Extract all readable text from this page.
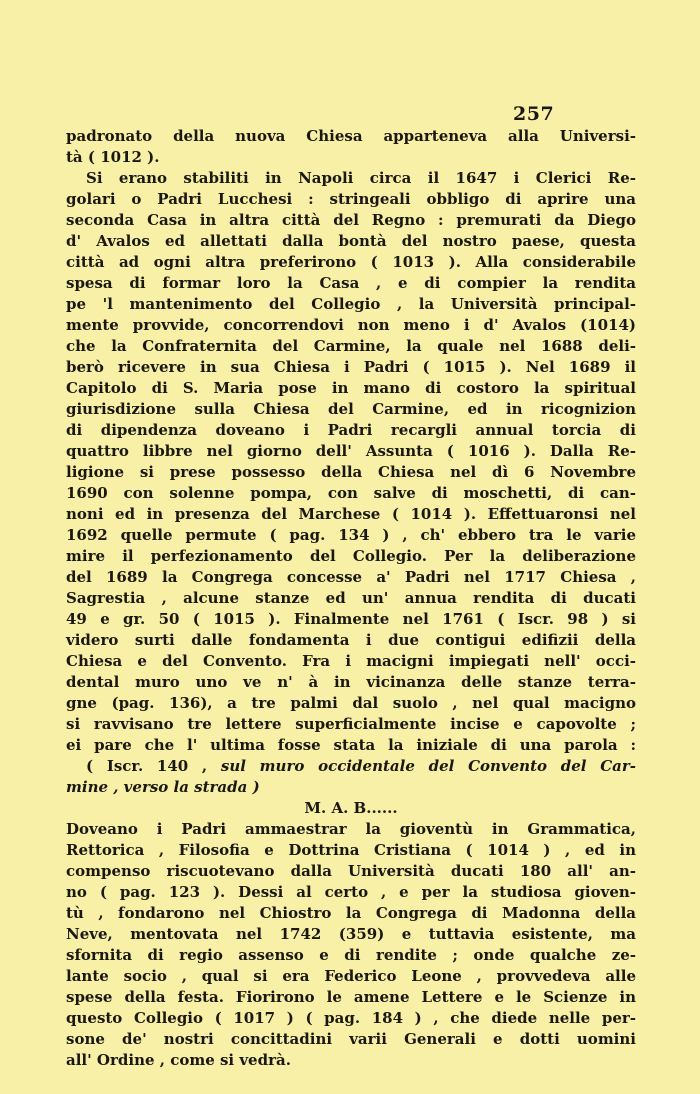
257
padronato della nuova Chiesa apparteneva alla Universi-
tà ( 1012 ).
Si erano stabiliti in Napoli circa il 1647 i Clerici Re-
golari o Padri Lucchesi : stringeali obbligo di aprire una
seconda Casa in altra città del Regno : premurati da Diego
d' Avalos ed allettati dalla bontà del nostro paese, questa
città ad ogni altra preferirono ( 1013 ). Alla considerabile
spesa di formar loro la Casa , e di compier la rendita
pe 'l mantenimento del Collegio , la Università principal-
mente provvide, concorrendovi non meno i d' Avalos (1014)
che la Confraternita del Carmine, la quale nel 1688 deli-
berò ricevere in sua Chiesa i Padri ( 1015 ). Nel 1689 il
Capitolo di S. Maria pose in mano di costoro la spiritual
giurisdizione sulla Chiesa del Carmine, ed in ricognizion
di dipendenza doveano i Padri recargli annual torcia di
quattro libbre nel giorno dell' Assunta ( 1016 ). Dalla Re-
ligione si prese possesso della Chiesa nel dì 6 Novembre
1690 con solenne pompa, con salve di moschetti, di can-
noni ed in presenza del Marchese ( 1014 ). Effettuaronsi nel
1692 quelle permute ( pag. 134 ) , ch' ebbero tra le varie
mire il perfezionamento del Collegio. Per la deliberazione
del 1689 la Congrega concesse a' Padri nel 1717 Chiesa ,
Sagrestia , alcune stanze ed un' annua rendita di ducati
49 e gr. 50 ( 1015 ). Finalmente nel 1761 ( Iscr. 98 ) si
videro surti dalle fondamenta i due contigui edifizii della
Chiesa e del Convento. Fra i macigni impiegati nell' occi-
dental muro uno ve n' à in vicinanza delle stanze terra-
gne (pag. 136), a tre palmi dal suolo , nel qual macigno
si ravvisano tre lettere superficialmente incise e capovolte ;
ei pare che l' ultima fosse stata la iniziale di una parola :
( Iscr. 140 , sul muro occidentale del Convento del Car-
mine , verso la strada )
M. A. B......
Doveano i Padri ammaestrar la gioventù in Grammatica,
Rettorica , Filosofia e Dottrina Cristiana ( 1014 ) , ed in
compenso riscuotevano dalla Università ducati 180 all' an-
no ( pag. 123 ). Dessi al certo , e per la studiosa gioven-
tù , fondarono nel Chiostro la Congrega di Madonna della
Neve, mentovata nel 1742 (359) e tuttavia esistente, ma
sfornita di regio assenso e di rendite ; onde qualche ze-
lante socio , qual si era Federico Leone , provvedeva alle
spese della festa. Fiorirono le amene Lettere e le Scienze in
questo Collegio ( 1017 ) ( pag. 184 ) , che diede nelle per-
sone de' nostri concittadini varii Generali e dotti uomini
all' Ordine , come si vedrà.
